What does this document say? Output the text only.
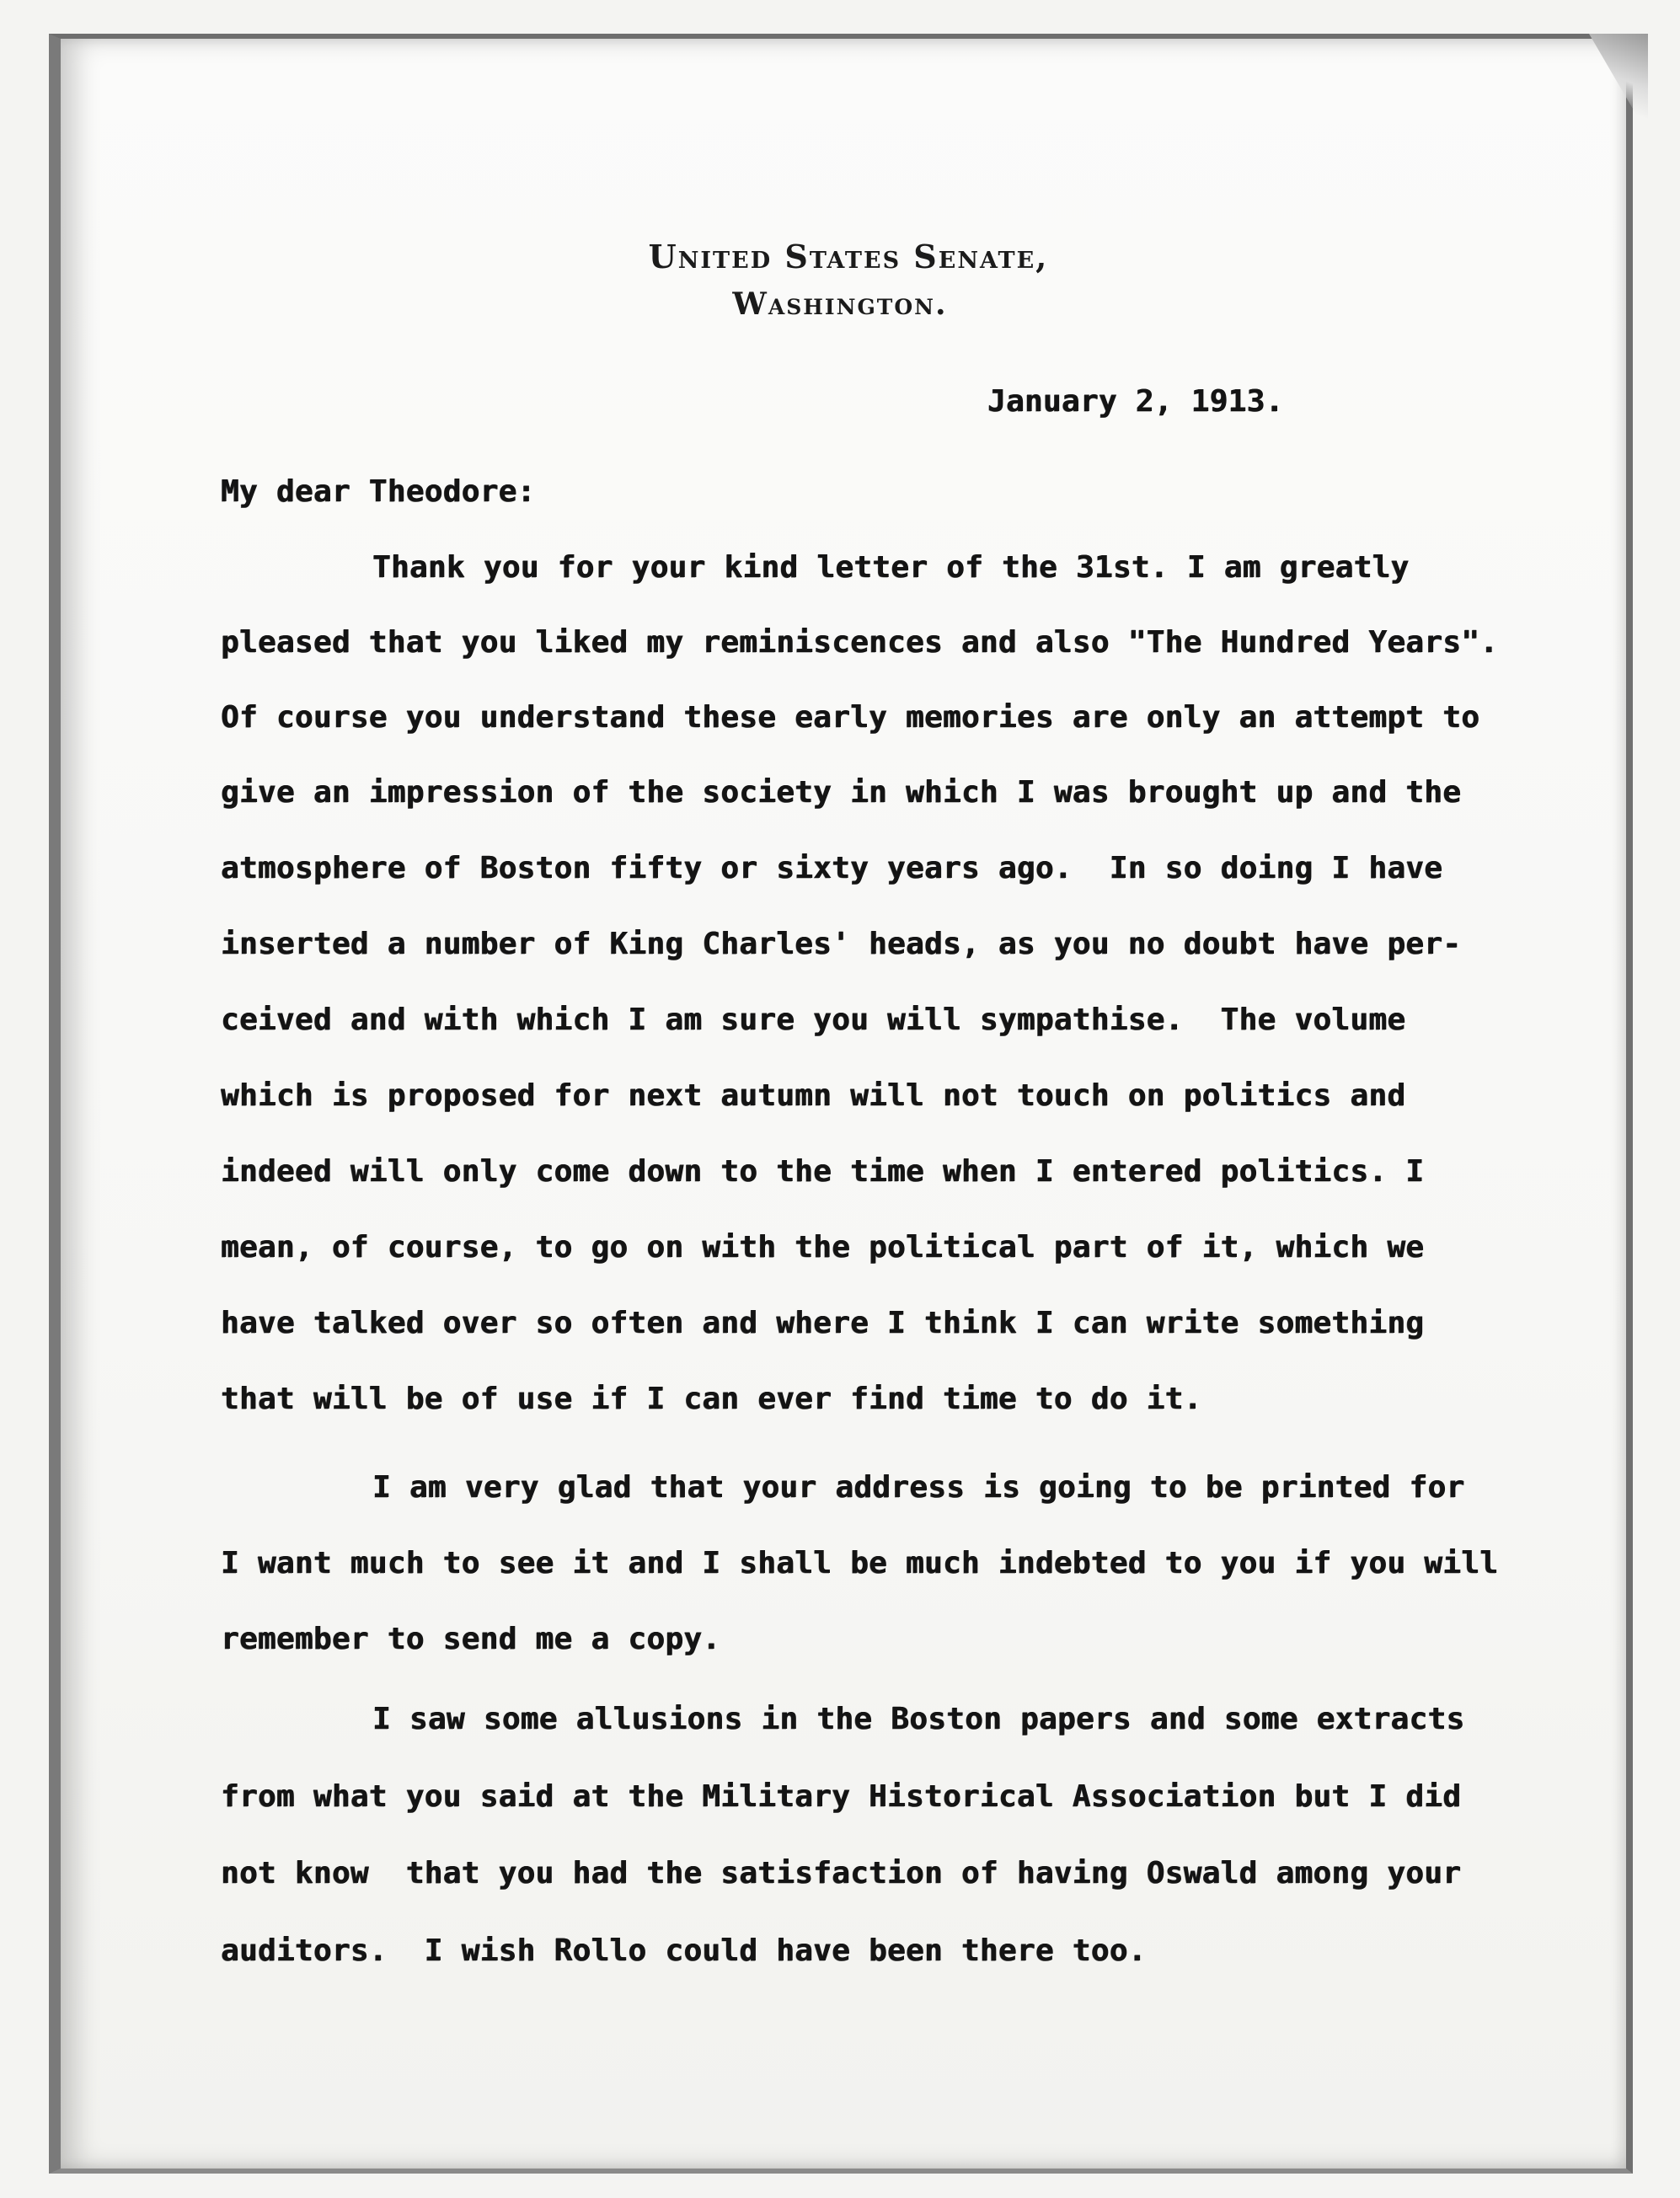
United States Senate,
Washington.
January 2, 1913.
My dear Theodore:
Thank you for your kind letter of the 31st. I am greatly
pleased that you liked my reminiscences and also "The Hundred Years".
Of course you understand these early memories are only an attempt to
give an impression of the society in which I was brought up and the
atmosphere of Boston fifty or sixty years ago.  In so doing I have
inserted a number of King Charles' heads, as you no doubt have per-
ceived and with which I am sure you will sympathise.  The volume
which is proposed for next autumn will not touch on politics and
indeed will only come down to the time when I entered politics. I
mean, of course, to go on with the political part of it, which we
have talked over so often and where I think I can write something
that will be of use if I can ever find time to do it.
I am very glad that your address is going to be printed for
I want much to see it and I shall be much indebted to you if you will
remember to send me a copy.
I saw some allusions in the Boston papers and some extracts
from what you said at the Military Historical Association but I did
not know  that you had the satisfaction of having Oswald among your
auditors.  I wish Rollo could have been there too.
